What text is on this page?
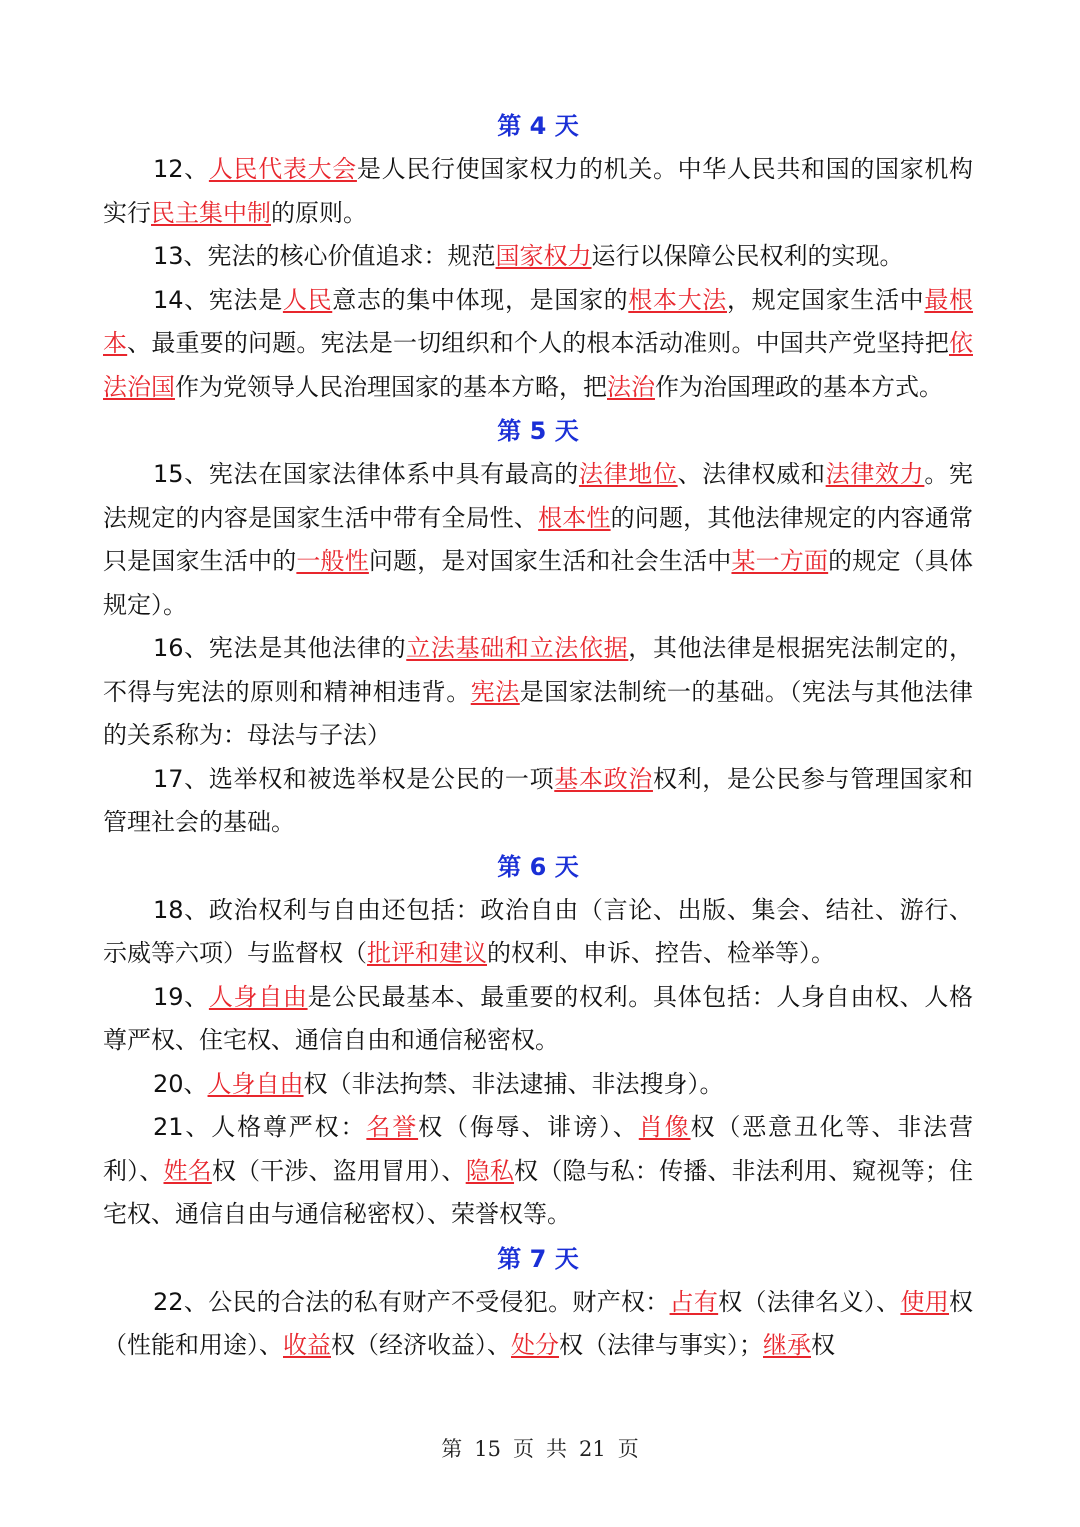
第 4 天

12、人民代表大会是人民行使国家权力的机关。中华人民共和国的国家机构实行民主集中制的原则。

13、宪法的核心价值追求：规范国家权力运行以保障公民权利的实现。

14、宪法是人民意志的集中体现，是国家的根本大法，规定国家生活中最根本、最重要的问题。宪法是一切组织和个人的根本活动准则。中国共产党坚持把依法治国作为党领导人民治理国家的基本方略，把法治作为治国理政的基本方式。

第 5 天

15、宪法在国家法律体系中具有最高的法律地位、法律权威和法律效力。宪法规定的内容是国家生活中带有全局性、根本性的问题，其他法律规定的内容通常只是国家生活中的一般性问题，是对国家生活和社会生活中某一方面的规定（具体规定）。

16、宪法是其他法律的立法基础和立法依据，其他法律是根据宪法制定的，不得与宪法的原则和精神相违背。宪法是国家法制统一的基础。（宪法与其他法律的关系称为：母法与子法）

17、选举权和被选举权是公民的一项基本政治权利，是公民参与管理国家和管理社会的基础。

第 6 天

18、政治权利与自由还包括：政治自由（言论、出版、集会、结社、游行、示威等六项）与监督权（批评和建议的权利、申诉、控告、检举等）。

19、人身自由是公民最基本、最重要的权利。具体包括：人身自由权、人格尊严权、住宅权、通信自由和通信秘密权。

20、人身自由权（非法拘禁、非法逮捕、非法搜身）。

21、人格尊严权：名誉权（侮辱、诽谤）、肖像权（恶意丑化等、非法营利）、姓名权（干涉、盗用冒用）、隐私权（隐与私：传播、非法利用、窥视等；住宅权、通信自由与通信秘密权）、荣誉权等。

第 7 天

22、公民的合法的私有财产不受侵犯。财产权：占有权（法律名义）、使用权（性能和用途）、收益权（经济收益）、处分权（法律与事实）；继承权

第 15 页 共 21 页
